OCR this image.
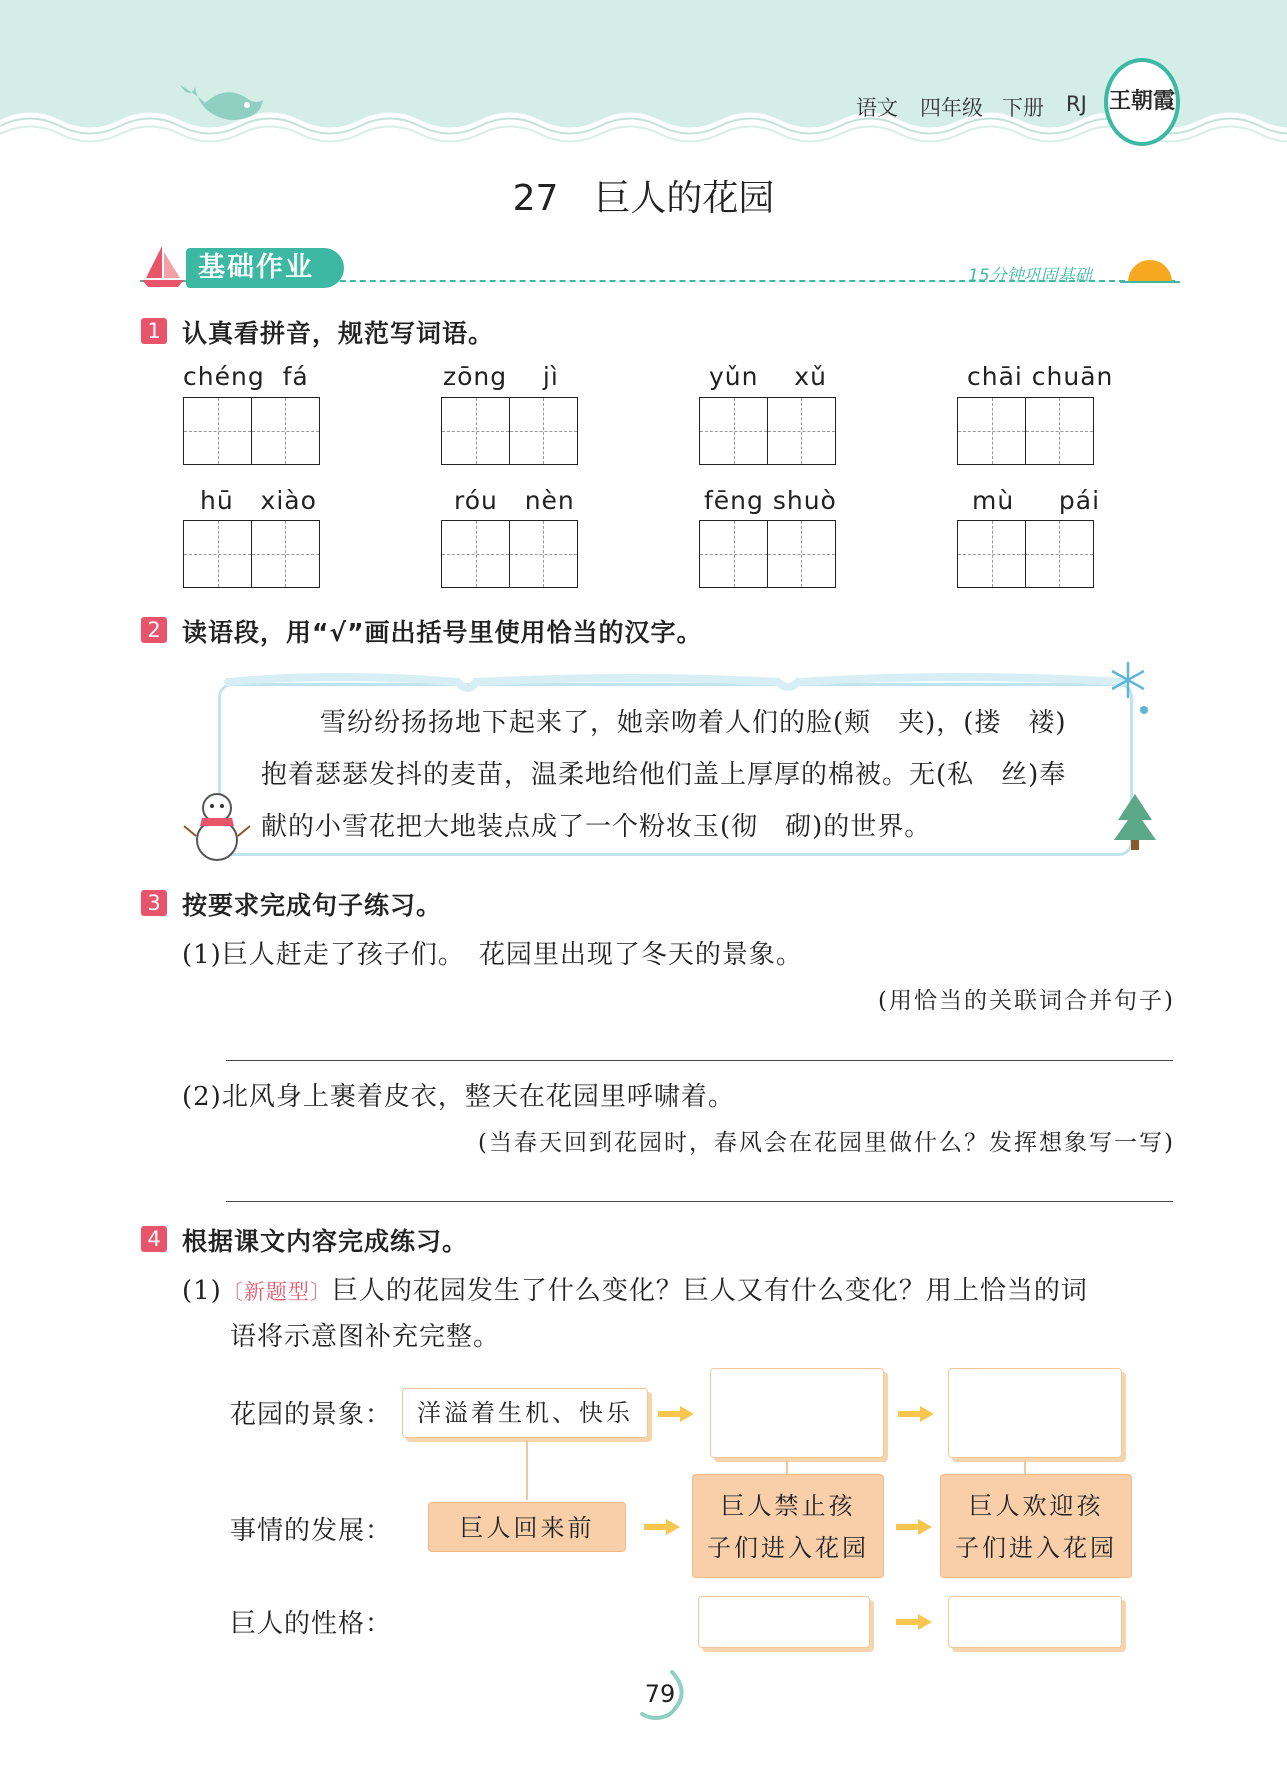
语文 四年级 下册 RJ 王朝霞
27　巨人的花园
基础作业	15分钟巩固基础
1 认真看拼音，规范写词语。
chéng  fá	zōng    jì	yǔn    xǔ	chāi chuān
hū   xiào	róu   nèn	fēng shuò	mù     pái
2 读语段，用“√”画出括号里使用恰当的汉字。
雪纷纷扬扬地下起来了，她亲吻着人们的脸(颊　夹)，(搂　褛)
抱着瑟瑟发抖的麦苗，温柔地给他们盖上厚厚的棉被。无(私　丝)奉
献的小雪花把大地装点成了一个粉妆玉(彻　砌)的世界。
3 按要求完成句子练习。
(1)巨人赶走了孩子们。　花园里出现了冬天的景象。
(用恰当的关联词合并句子)
(2)北风身上裹着皮衣，整天在花园里呼啸着。
(当春天回到花园时，春风会在花园里做什么？发挥想象写一写)
4 根据课文内容完成练习。
(1)〔新题型〕巨人的花园发生了什么变化？巨人又有什么变化？用上恰当的词
语将示意图补充完整。
花园的景象：
事情的发展：
巨人的性格：
洋溢着生机、快乐
巨人回来前
巨人禁止孩
子们进入花园
巨人欢迎孩
子们进入花园
79
